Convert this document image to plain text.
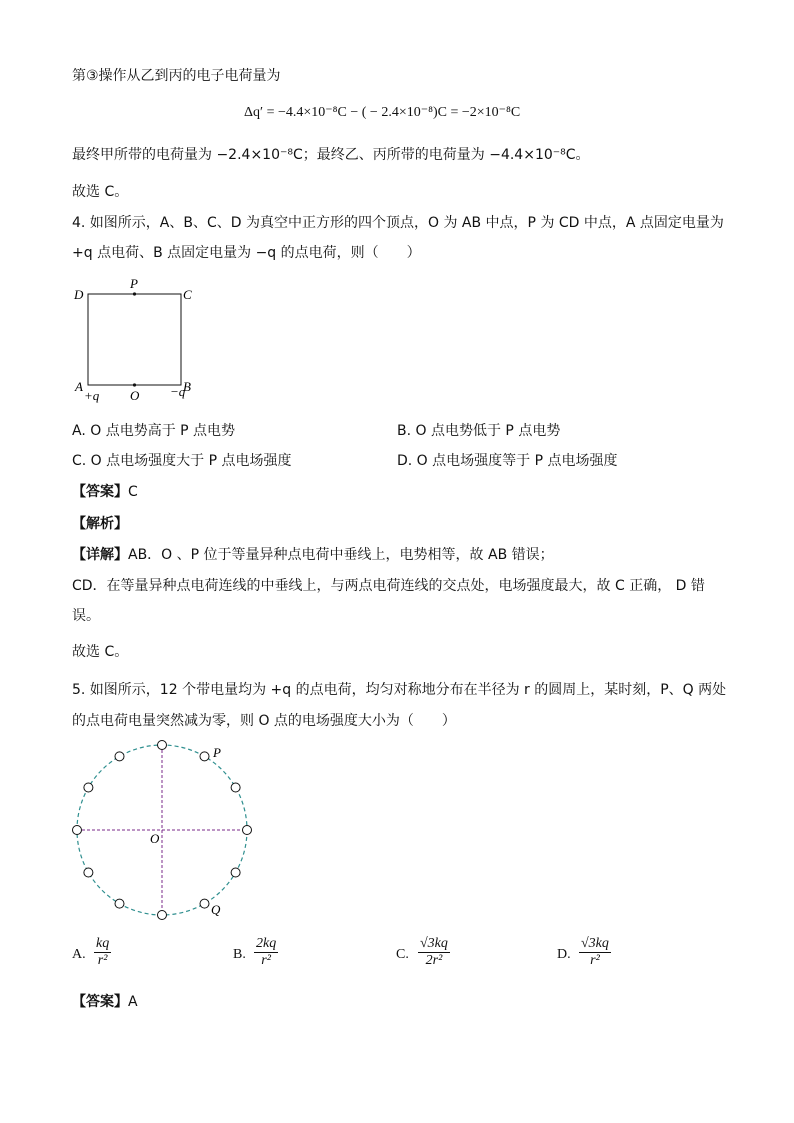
第③操作从乙到丙的电子电荷量为
Δq′ = −4.4×10⁻⁸C − ( − 2.4×10⁻⁸)C = −2×10⁻⁸C
最终甲所带的电荷量为 −2.4×10⁻⁸C；最终乙、丙所带的电荷量为 −4.4×10⁻⁸C。
故选 C。
4. 如图所示，A、B、C、D 为真空中正方形的四个顶点，O 为 AB 中点，P 为 CD 中点，A 点固定电量为
+q 点电荷、B 点固定电量为 −q 的点电荷，则（　　）
D
P
C
A
+q O −q
B
A. O 点电势高于 P 点电势	B. O 点电势低于 P 点电势
C. O 点电场强度大于 P 点电场强度	D. O 点电场强度等于 P 点电场强度
【答案】C
【解析】
【详解】AB．O 、P 位于等量异种点电荷中垂线上，电势相等，故 AB 错误；
CD．在等量异种点电荷连线的中垂线上，与两点电荷连线的交点处，电场强度最大，故 C 正确， D 错
误。
故选 C。
5. 如图所示，12 个带电量均为 +q 的点电荷，均匀对称地分布在半径为 r 的圆周上，某时刻，P、Q 两处
的点电荷电量突然减为零，则 O 点的电场强度大小为（　　）
P
Q
O
A. $\frac{kq}{\text{r²}}$	B. $\frac{2kq}{\text{r²}}$	C. $\frac{√3kq}{\text{2r²}}$	D. $\frac{√3kq}{\text{r²}}$
【答案】A
